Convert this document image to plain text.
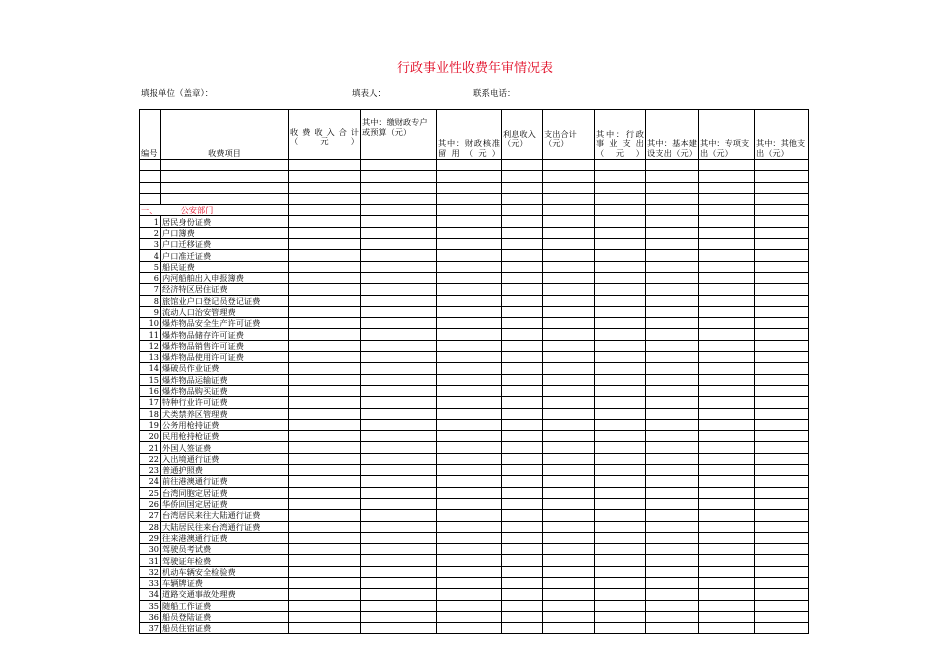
行政事业性收费年审情况表
填报单位（盖章）：	填表人：	联系电话：
编号	收费项目	收费收入合计（元）	其中：缴财政专户或预算（元）	其中：财政核准留用（元）	利息收入（元）	支出合计（元）	其中：行政事业支出（元）	其中：基本建设支出（元）	其中：专项支出（元）	其中：其他支出（元）

一、 公安部门										
1	居民身份证费									
2	户口簿费									
3	户口迁移证费									
4	户口准迁证费									
5	船民证费									
6	内河船舶出入申报簿费									
7	经济特区居住证费									
8	旅馆业户口登记员登记证费									
9	流动人口治安管理费									
10	爆炸物品安全生产许可证费									
11	爆炸物品储存许可证费									
12	爆炸物品销售许可证费									
13	爆炸物品使用许可证费									
14	爆破员作业证费									
15	爆炸物品运输证费									
16	爆炸物品购买证费									
17	特种行业许可证费									
18	犬类禁养区管理费									
19	公务用枪持证费									
20	民用枪持枪证费									
21	外国人签证费									
22	入出境通行证费									
23	普通护照费									
24	前往港澳通行证费									
25	台湾同胞定居证费									
26	华侨回国定居证费									
27	台湾居民来往大陆通行证费									
28	大陆居民往来台湾通行证费									
29	往来港澳通行证费									
30	驾驶员考试费									
31	驾驶证年检费									
32	机动车辆安全检验费									
33	车辆牌证费									
34	道路交通事故处理费									
35	随船工作证费									
36	船员登陆证费									
37	船员住宿证费									
